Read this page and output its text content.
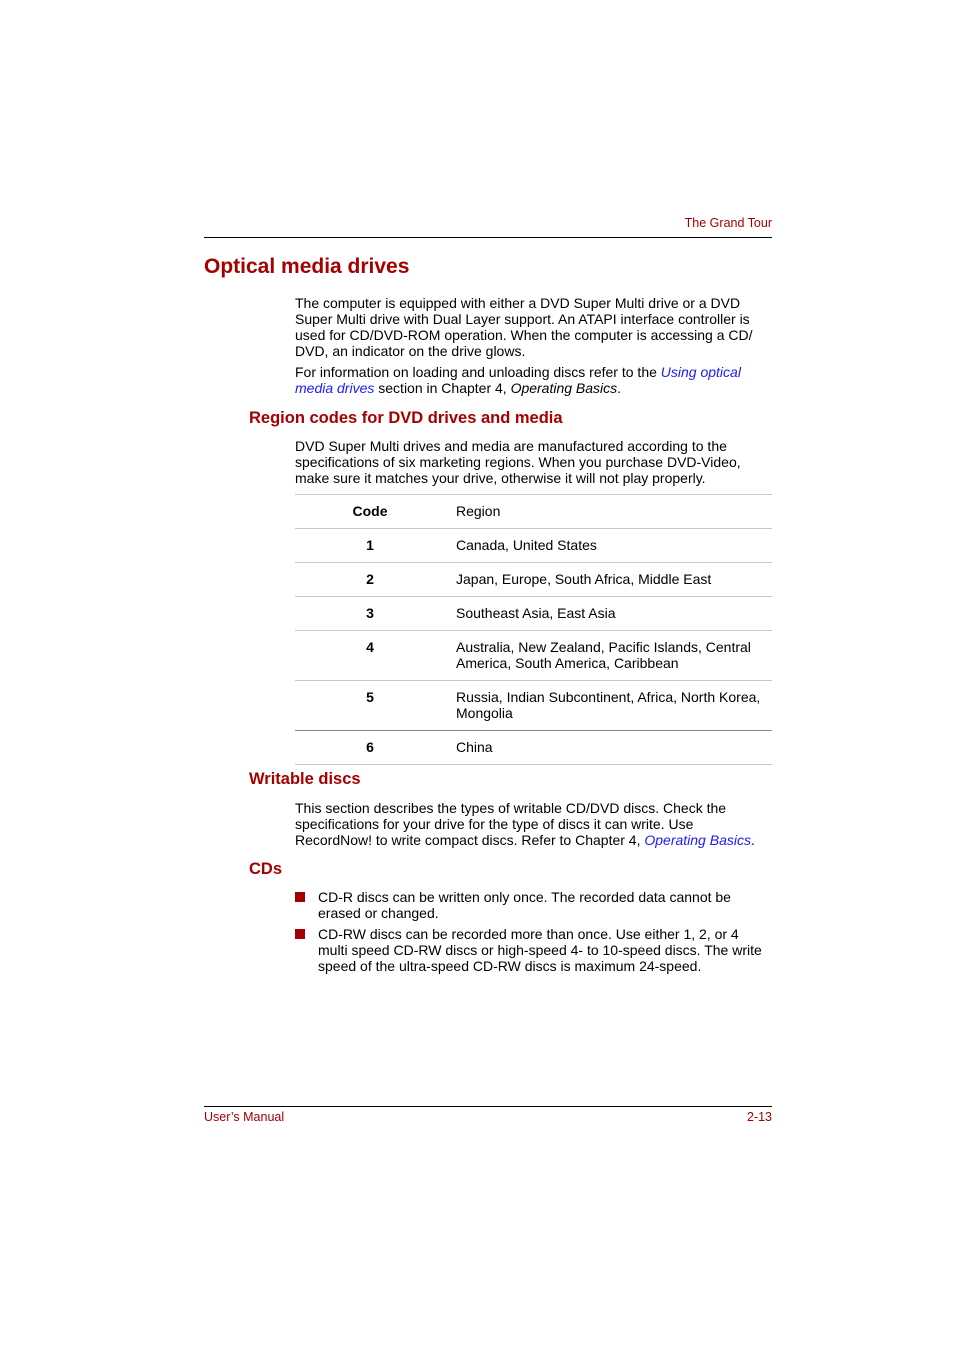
The Grand Tour
Optical media drives

The computer is equipped with either a DVD Super Multi drive or a DVD Super Multi drive with Dual Layer support. An ATAPI interface controller is used for CD/DVD-ROM operation. When the computer is accessing a CD/ DVD, an indicator on the drive glows.

For information on loading and unloading discs refer to the Using optical media drives section in Chapter 4, Operating Basics.

Region codes for DVD drives and media

DVD Super Multi drives and media are manufactured according to the specifications of six marketing regions. When you purchase DVD-Video, make sure it matches your drive, otherwise it will not play properly.

Code	Region
1	Canada, United States
2	Japan, Europe, South Africa, Middle East
3	Southeast Asia, East Asia
4	Australia, New Zealand, Pacific Islands, Central America, South America, Caribbean
5	Russia, Indian Subcontinent, Africa, North Korea, Mongolia
6	China
Writable discs

This section describes the types of writable CD/DVD discs. Check the specifications for your drive for the type of discs it can write. Use RecordNow! to write compact discs. Refer to Chapter 4, Operating Basics.

CDs
CD-R discs can be written only once. The recorded data cannot be erased or changed.
CD-RW discs can be recorded more than once. Use either 1, 2, or 4 multi speed CD-RW discs or high-speed 4- to 10-speed discs. The write speed of the ultra-speed CD-RW discs is maximum 24-speed.
User’s Manual	2-13
